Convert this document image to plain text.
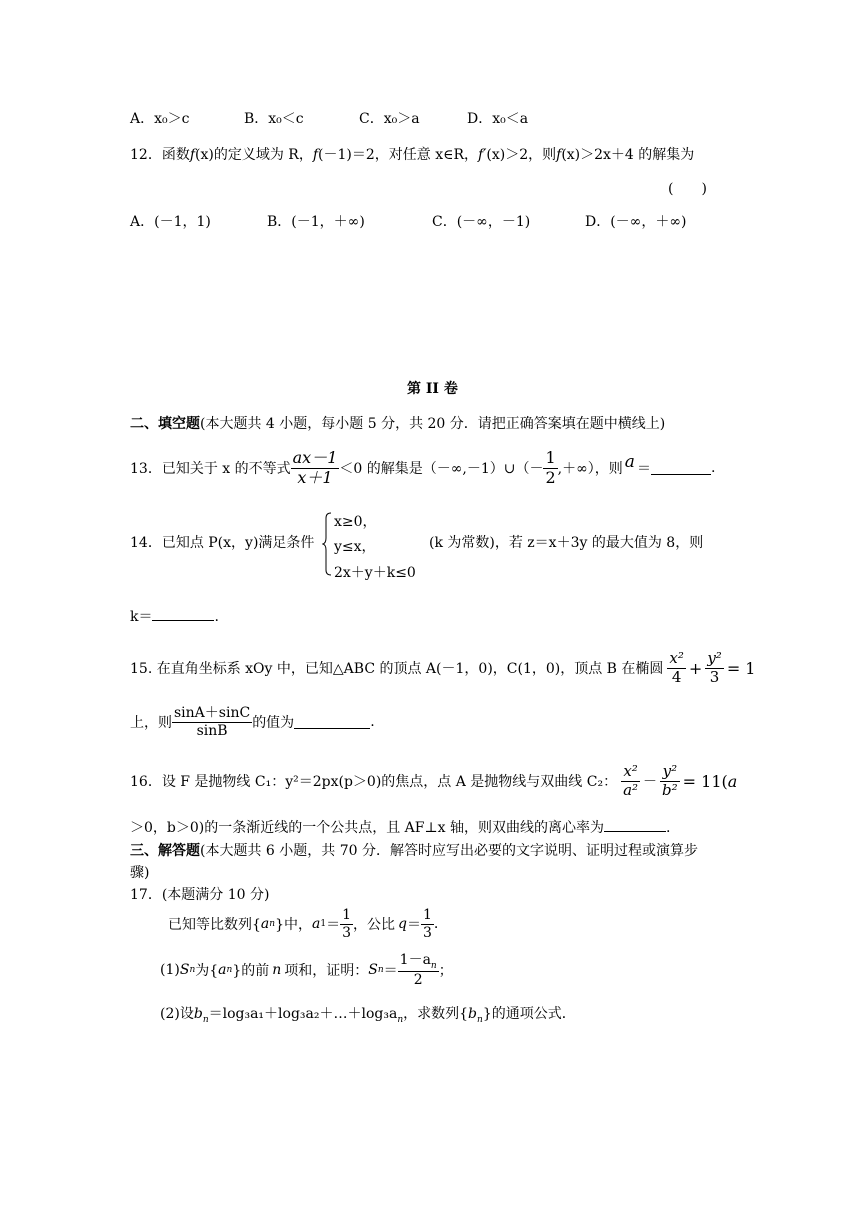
A．x₀＞c	B．x₀＜c	C．x₀＞a	D．x₀＜a
12．函数f(x)的定义域为 R，f(－1)＝2，对任意 x∈R，f′(x)＞2，则f(x)＞2x＋4 的解集为
(　　)
A．(－1，1)	B．(－1，＋∞)	C．(－∞，－1)	D．(－∞，＋∞)
第 II 卷
二、填空题(本大题共 4 小题，每小题 5 分，共 20 分．请把正确答案填在题中横线上)
13．已知关于 x 的不等式 $\frac{ax-1}{x+1} <0$ 的解集是（－∞,－1）∪（－ $\frac{1}{2}$ ,＋∞），则 a ＝	.
14．已知点 P(x，y)满足条件
x≥0，
y≤x，
2x＋y＋k≤0
(k 为常数)，若 z＝x＋3y 的最大值为 8，则
k＝	.
15. 在直角坐标系 xOy 中，已知△ABC 的顶点 A(－1，0)，C(1，0)，顶点 B 在椭圆 $\frac{\text{x²}}{4} + \frac{\text{y²}}{3} = 1$
上，则 $\frac{\sin A+\sin C}{\sin B}$ 的值为	.
16．设 F 是抛物线 C₁：y²＝2px(p＞0)的焦点，点 A 是抛物线与双曲线 C₂： $\frac{\text{x²}}{\text{a²}} - \frac{\text{y²}}{\text{b²}} = 1$ 1( a
＞0，b＞0)的一条渐近线的一个公共点，且 AF⊥x 轴，则双曲线的离心率为	.
三、解答题(本大题共 6 小题，共 70 分．解答时应写出必要的文字说明、证明过程或演算步
骤)
17．(本题满分 10 分)
已知等比数列{ a n }中， a $1 = \frac{1}{3}$ ，公比 $q = \frac{1}{3}$ .
(1) S n 为{ a n }的前 n 项和，证明： S $n = \frac{1-a_n}{2}$ ；
(2)设$b_n=\log_3a_1+\log_3a_2+\dots+\log_3a_n$，求数列$\{b_n\}$的通项公式．
